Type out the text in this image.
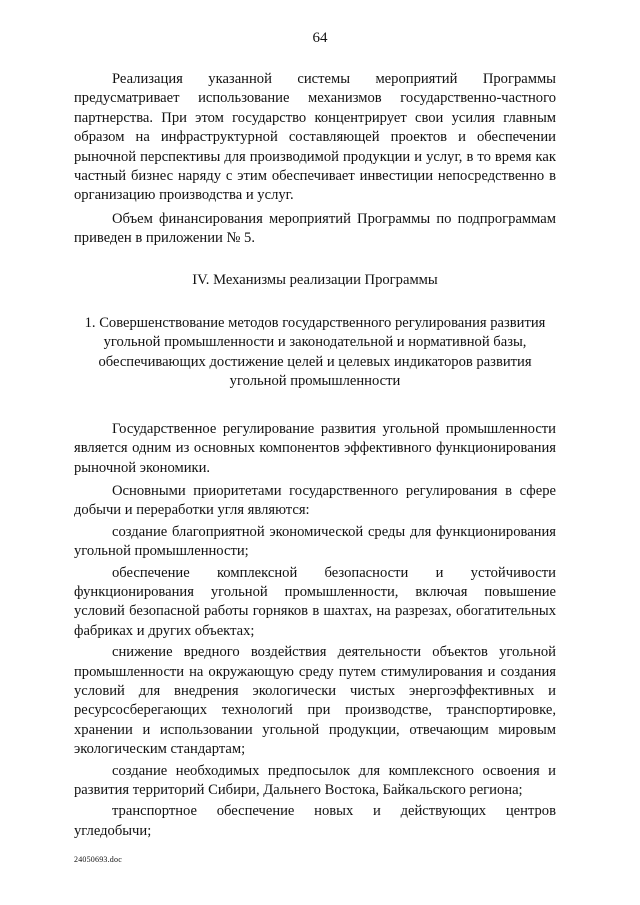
64

Реализация указанной системы мероприятий Программы предусматривает использование механизмов государственно-частного партнерства. При этом государство концентрирует свои усилия главным образом на инфраструктурной составляющей проектов и обеспечении рыночной перспективы для производимой продукции и услуг, в то время как частный бизнес наряду с этим обеспечивает инвестиции непосредственно в организацию производства и услуг.

Объем финансирования мероприятий Программы по подпрограммам приведен в приложении № 5.

IV. Механизмы реализации Программы

1. Совершенствование методов государственного регулирования развития угольной промышленности и законодательной и нормативной базы, обеспечивающих достижение целей и целевых индикаторов развития угольной промышленности

Государственное регулирование развития угольной промышленности является одним из основных компонентов эффективного функционирования рыночной экономики.

Основными приоритетами государственного регулирования в сфере добычи и переработки угля являются:

создание благоприятной экономической среды для функционирования угольной промышленности;

обеспечение комплексной безопасности и устойчивости функционирования угольной промышленности, включая повышение условий безопасной работы горняков в шахтах, на разрезах, обогатительных фабриках и других объектах;

снижение вредного воздействия деятельности объектов угольной промышленности на окружающую среду путем стимулирования и создания условий для внедрения экологически чистых энергоэффективных и ресурсосберегающих технологий при производстве, транспортировке, хранении и использовании угольной продукции, отвечающим мировым экологическим стандартам;

создание необходимых предпосылок для комплексного освоения и развития территорий Сибири, Дальнего Востока, Байкальского региона;

транспортное обеспечение новых и действующих центров угледобычи;

24050693.doc
